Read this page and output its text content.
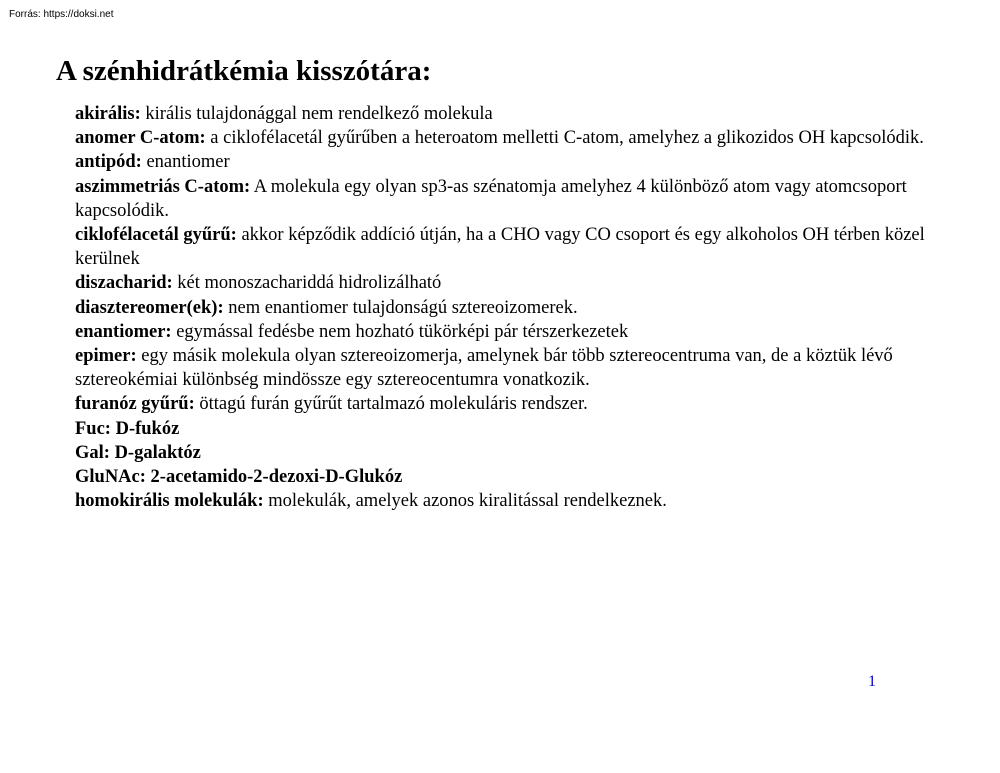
Forrás: https://doksi.net
A szénhidrátkémia kisszótára:
akirális: királis tulajdonággal nem rendelkező molekula
anomer C-atom: a ciklofélacetál gyűrűben a heteroatom melletti C-atom, amelyhez a glikozidos OH kapcsolódik.
antipód: enantiomer
aszimmetriás C-atom: A molekula egy olyan sp3-as szénatomja amelyhez 4 különböző atom vagy atomcsoport kapcsolódik.
ciklofélacetál gyűrű: akkor képződik addíció útján, ha a CHO vagy CO csoport és egy alkoholos OH térben közel kerülnek
diszacharid: két monoszachariddá hidrolizálható
diasztereomer(ek): nem enantiomer tulajdonságú sztereoizomerek.
enantiomer: egymással fedésbe nem hozható tükörképi pár térszerkezetek
epimer: egy másik molekula olyan sztereoizomerja, amelynek bár több sztereocentruma van, de a köztük lévő sztereokémiai különbség mindössze egy sztereocentumra vonatkozik.
furanóz gyűrű: öttagú furán gyűrűt tartalmazó molekuláris rendszer.
Fuc: D-fukóz
Gal: D-galaktóz
GluNAc: 2-acetamido-2-dezoxi-D-Glukóz
homokirális molekulák: molekulák, amelyek azonos kiralitással rendelkeznek.
1
